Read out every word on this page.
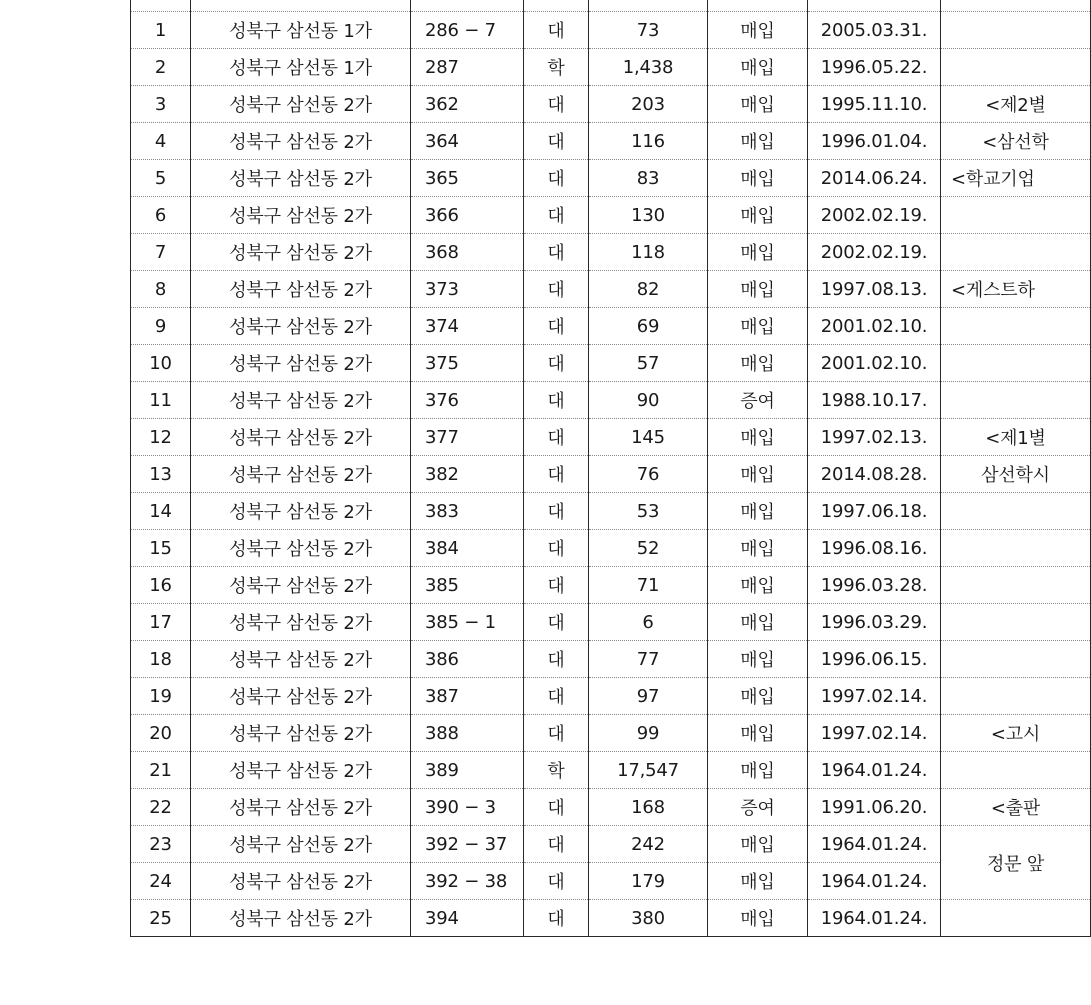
1	성북구 삼선동 1가	286 − 7	대	73	매입	2005.03.31.	
2	성북구 삼선동 1가	287	학	1,438	매입	1996.05.22.	
3	성북구 삼선동 2가	362	대	203	매입	1995.11.10.	<제2별
4	성북구 삼선동 2가	364	대	116	매입	1996.01.04.	<삼선학
5	성북구 삼선동 2가	365	대	83	매입	2014.06.24.	<학교기업
6	성북구 삼선동 2가	366	대	130	매입	2002.02.19.	
7	성북구 삼선동 2가	368	대	118	매입	2002.02.19.	
8	성북구 삼선동 2가	373	대	82	매입	1997.08.13.	<게스트하
9	성북구 삼선동 2가	374	대	69	매입	2001.02.10.	
10	성북구 삼선동 2가	375	대	57	매입	2001.02.10.	
11	성북구 삼선동 2가	376	대	90	증여	1988.10.17.	
12	성북구 삼선동 2가	377	대	145	매입	1997.02.13.	<제1별
13	성북구 삼선동 2가	382	대	76	매입	2014.08.28.	삼선학시
14	성북구 삼선동 2가	383	대	53	매입	1997.06.18.	
15	성북구 삼선동 2가	384	대	52	매입	1996.08.16.	
16	성북구 삼선동 2가	385	대	71	매입	1996.03.28.	
17	성북구 삼선동 2가	385 − 1	대	6	매입	1996.03.29.	
18	성북구 삼선동 2가	386	대	77	매입	1996.06.15.	
19	성북구 삼선동 2가	387	대	97	매입	1997.02.14.	
20	성북구 삼선동 2가	388	대	99	매입	1997.02.14.	<고시
21	성북구 삼선동 2가	389	학	17,547	매입	1964.01.24.	
22	성북구 삼선동 2가	390 − 3	대	168	증여	1991.06.20.	<출판
23	성북구 삼선동 2가	392 − 37	대	242	매입	1964.01.24.	정문 앞
24	성북구 삼선동 2가	392 − 38	대	179	매입	1964.01.24.	
25	성북구 삼선동 2가	394	대	380	매입	1964.01.24.	
